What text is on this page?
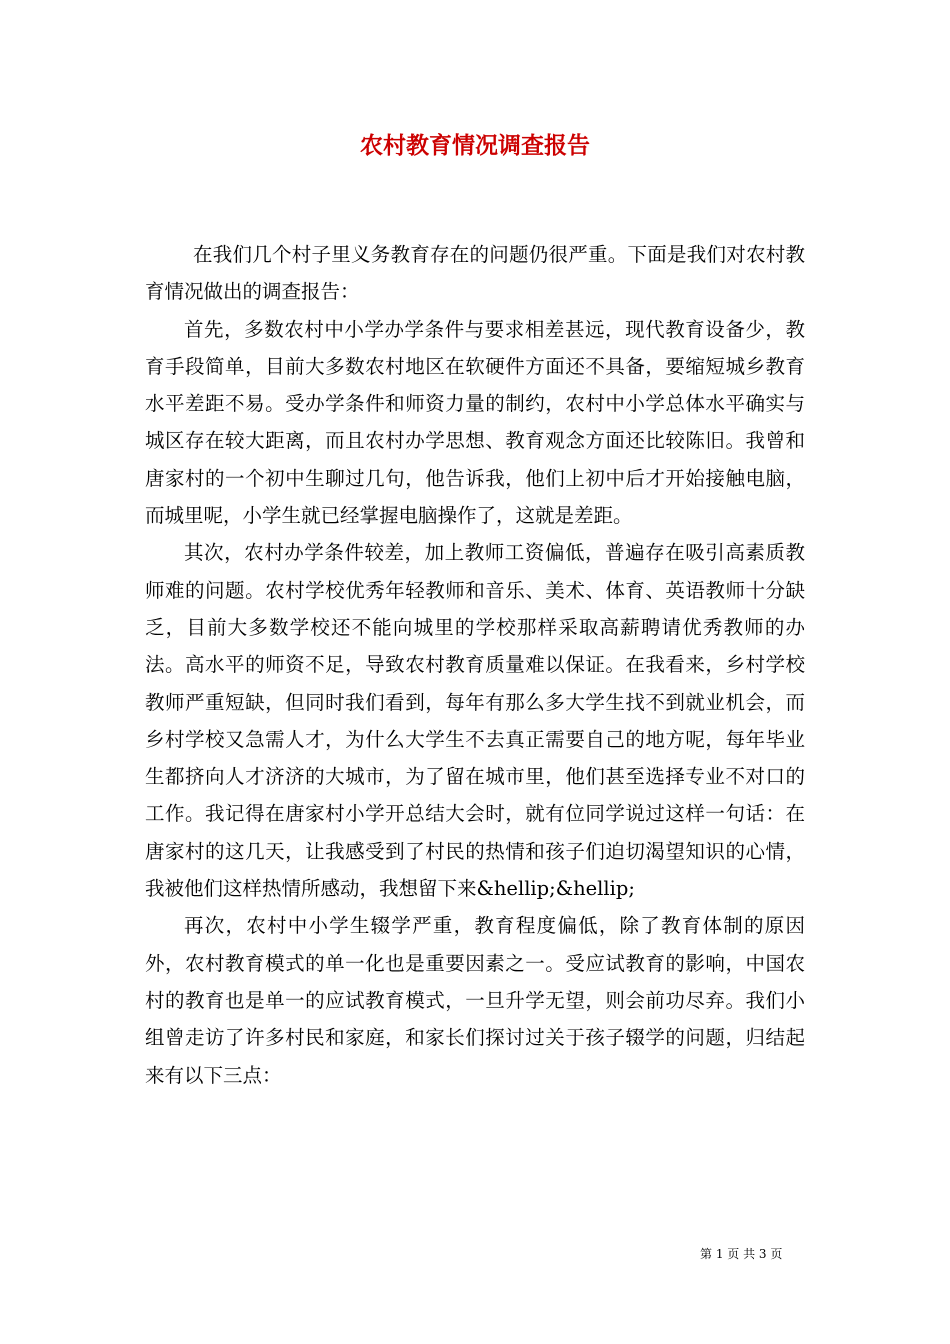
农村教育情况调查报告

在我们几个村子里义务教育存在的问题仍很严重。下面是我们对农村教育情况做出的调查报告：

首先，多数农村中小学办学条件与要求相差甚远，现代教育设备少，教育手段简单，目前大多数农村地区在软硬件方面还不具备，要缩短城乡教育水平差距不易。受办学条件和师资力量的制约，农村中小学总体水平确实与城区存在较大距离，而且农村办学思想、教育观念方面还比较陈旧。我曾和唐家村的一个初中生聊过几句，他告诉我，他们上初中后才开始接触电脑，而城里呢，小学生就已经掌握电脑操作了，这就是差距。

其次，农村办学条件较差，加上教师工资偏低，普遍存在吸引高素质教师难的问题。农村学校优秀年轻教师和音乐、美术、体育、英语教师十分缺乏，目前大多数学校还不能向城里的学校那样采取高薪聘请优秀教师的办法。高水平的师资不足，导致农村教育质量难以保证。在我看来，乡村学校教师严重短缺，但同时我们看到，每年有那么多大学生找不到就业机会，而乡村学校又急需人才，为什么大学生不去真正需要自己的地方呢，每年毕业生都挤向人才济济的大城市，为了留在城市里，他们甚至选择专业不对口的工作。我记得在唐家村小学开总结大会时，就有位同学说过这样一句话：在唐家村的这几天，让我感受到了村民的热情和孩子们迫切渴望知识的心情，我被他们这样热情所感动，我想留下来&hellip;&hellip;

再次，农村中小学生辍学严重，教育程度偏低，除了教育体制的原因外，农村教育模式的单一化也是重要因素之一。受应试教育的影响，中国农村的教育也是单一的应试教育模式，一旦升学无望，则会前功尽弃。我们小组曾走访了许多村民和家庭，和家长们探讨过关于孩子辍学的问题，归结起来有以下三点：

第 1 页 共 3 页
